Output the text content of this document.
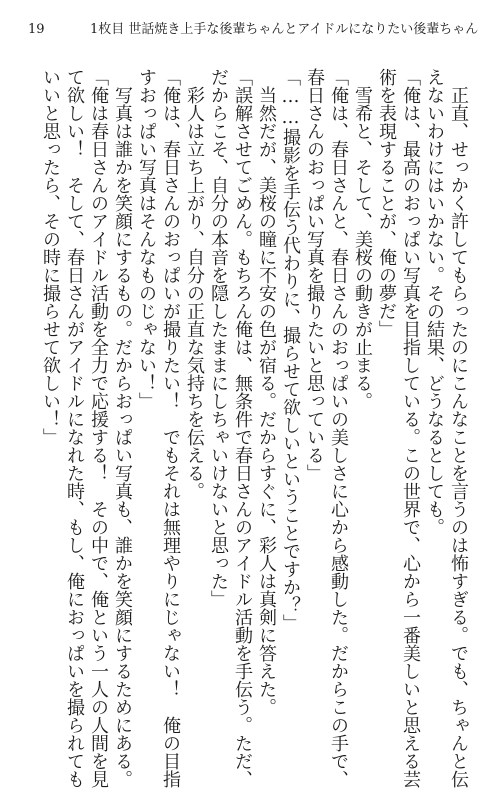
19	1枚目 世話焼き上手な後輩ちゃんとアイドルになりたい後輩ちゃん
　正直、せっかく許してもらったのにこんなことを言うのは怖すぎる。でも、ちゃんと伝
えないわけにはいかない。その結果、どうなるとしても。
「俺は、最高のおっぱい写真を目指している。この世界で、心から一番美しいと思える芸
術を表現することが、俺の夢だ」
　雪希と、そして、美桜の動きが止まる。
「俺は、春日さんと、春日さんのおっぱいの美しさに心から感動した。だからこの手で、
春日さんのおっぱい写真を撮りたいと思っている」
「……撮影を手伝う代わりに、撮らせて欲しいということですか？」
　当然だが、美桜の瞳に不安の色が宿る。だからすぐに、彩人は真剣に答えた。
「誤解させてごめん。もちろん俺は、無条件で春日さんのアイドル活動を手伝う。ただ、
だからこそ、自分の本音を隠したままにしちゃいけないと思った」
　彩人は立ち上がり、自分の正直な気持ちを伝える。
「俺は、春日さんのおっぱいが撮りたい！　でもそれは無理やりにじゃない！　俺の目指
すおっぱい写真はそんなものじゃない！」
　写真は誰かを笑顔にするもの。だからおっぱい写真も、誰かを笑顔にするためにある。
「俺は春日さんのアイドル活動を全力で応援する！　その中で、俺という一人の人間を見
て欲しい！　そして、春日さんがアイドルになれた時、もし、俺におっぱいを撮られても
いいと思ったら、その時に撮らせて欲しい！」
